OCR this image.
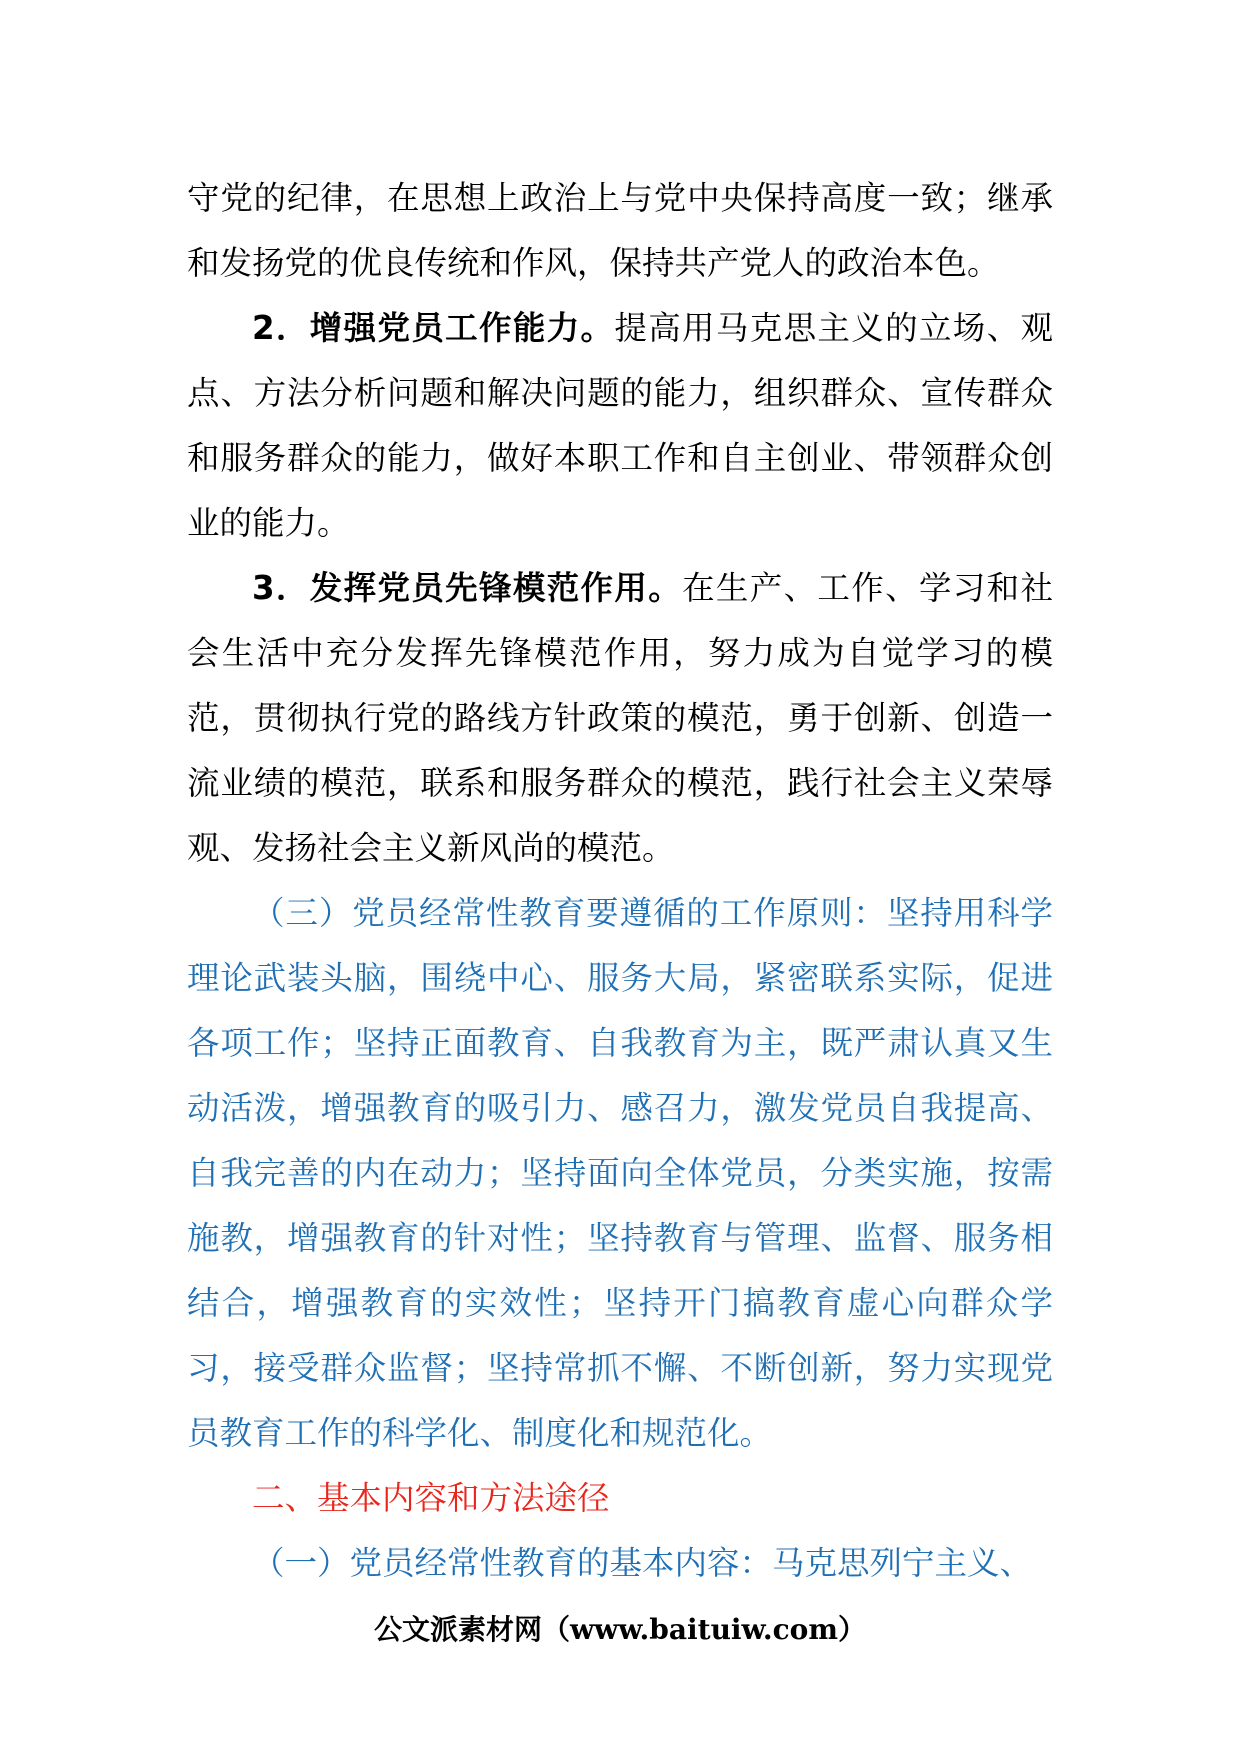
守党的纪律，在思想上政治上与党中央保持高度一致；继承和发扬党的优良传统和作风，保持共产党人的政治本色。

2．增强党员工作能力。提高用马克思主义的立场、观点、方法分析问题和解决问题的能力，组织群众、宣传群众和服务群众的能力，做好本职工作和自主创业、带领群众创业的能力。

3．发挥党员先锋模范作用。在生产、工作、学习和社会生活中充分发挥先锋模范作用，努力成为自觉学习的模范，贯彻执行党的路线方针政策的模范，勇于创新、创造一流业绩的模范，联系和服务群众的模范，践行社会主义荣辱观、发扬社会主义新风尚的模范。

（三）党员经常性教育要遵循的工作原则：坚持用科学理论武装头脑，围绕中心、服务大局，紧密联系实际，促进各项工作；坚持正面教育、自我教育为主，既严肃认真又生动活泼，增强教育的吸引力、感召力，激发党员自我提高、自我完善的内在动力；坚持面向全体党员，分类实施，按需施教，增强教育的针对性；坚持教育与管理、监督、服务相结合，增强教育的实效性；坚持开门搞教育虚心向群众学习，接受群众监督；坚持常抓不懈、不断创新，努力实现党员教育工作的科学化、制度化和规范化。

二、基本内容和方法途径

（一）党员经常性教育的基本内容：马克思列宁主义、

公文派素材网（www.baituiw.com）
